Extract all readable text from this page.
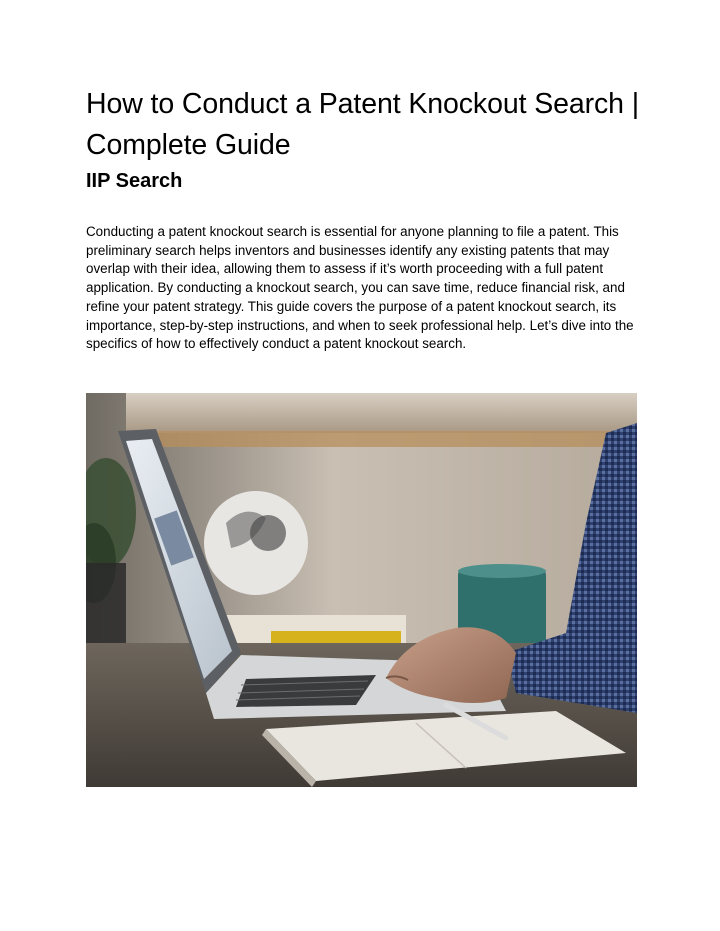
How to Conduct a Patent Knockout Search | Complete Guide
IIP Search

Conducting a patent knockout search is essential for anyone planning to file a patent. This preliminary search helps inventors and businesses identify any existing patents that may overlap with their idea, allowing them to assess if it’s worth proceeding with a full patent application. By conducting a knockout search, you can save time, reduce financial risk, and refine your patent strategy. This guide covers the purpose of a patent knockout search, its importance, step-by-step instructions, and when to seek professional help. Let’s dive into the specifics of how to effectively conduct a patent knockout search.
